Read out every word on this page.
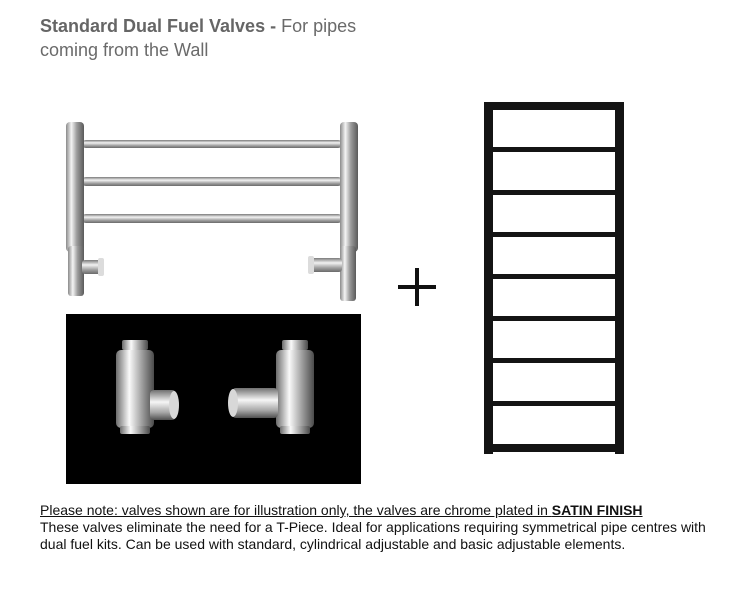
Standard Dual Fuel Valves - For pipes
coming from the Wall
Please note: valves shown are for illustration only, the valves are chrome plated in SATIN FINISH
These valves eliminate the need for a T-Piece. Ideal for applications requiring symmetrical pipe centres with dual fuel kits. Can be used with standard, cylindrical adjustable and basic adjustable elements.
